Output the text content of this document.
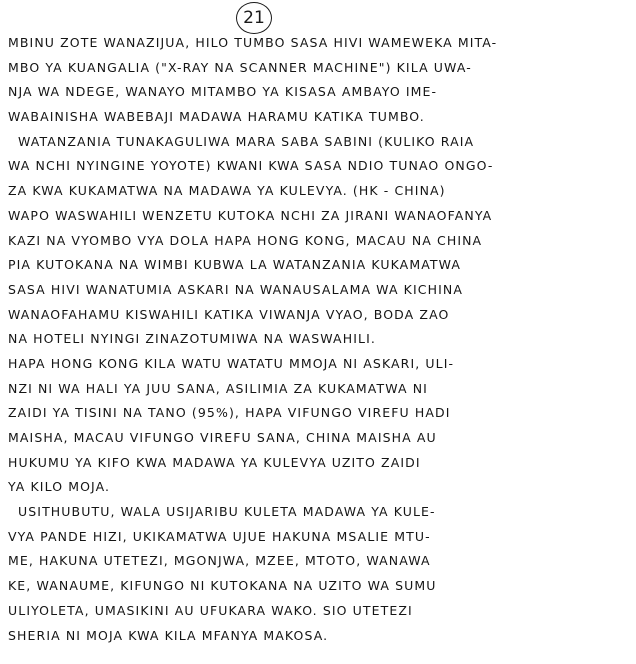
21
MBINU ZOTE WANAZIJUA, HILO TUMBO SASA HIVI WAMEWEKA MITA-
MBO YA KUANGALIA ("X-RAY NA SCANNER MACHINE") KILA UWA-
NJA WA NDEGE, WANAYO MITAMBO YA KISASA AMBAYO IME-
WABAINISHA WABEBAJI MADAWA HARAMU KATIKA TUMBO.
WATANZANIA TUNAKAGULIWA MARA SABA SABINI (KULIKO RAIA
WA NCHI NYINGINE YOYOTE) KWANI KWA SASA NDIO TUNAO ONGO-
ZA KWA KUKAMATWA NA MADAWA YA KULEVYA. (HK - CHINA)
WAPO WASWAHILI WENZETU KUTOKA NCHI ZA JIRANI WANAOFANYA
KAZI NA VYOMBO VYA DOLA HAPA HONG KONG, MACAU NA CHINA
PIA KUTOKANA NA WIMBI KUBWA LA WATANZANIA KUKAMATWA
SASA HIVI WANATUMIA ASKARI NA WANAUSALAMA WA KICHINA
WANAOFAHAMU KISWAHILI KATIKA VIWANJA VYAO, BODA ZAO
NA HOTELI NYINGI ZINAZOTUMIWA NA WASWAHILI.
HAPA HONG KONG KILA WATU WATATU MMOJA NI ASKARI, ULI-
NZI NI WA HALI YA JUU SANA, ASILIMIA ZA KUKAMATWA NI
ZAIDI YA TISINI NA TANO (95%), HAPA VIFUNGO VIREFU HADI
MAISHA, MACAU VIFUNGO VIREFU SANA, CHINA MAISHA AU
HUKUMU YA KIFO KWA MADAWA YA KULEVYA UZITO ZAIDI
YA KILO MOJA.
USITHUBUTU, WALA USIJARIBU KULETA MADAWA YA KULE-
VYA PANDE HIZI, UKIKAMATWA UJUE HAKUNA MSALIE MTU-
ME, HAKUNA UTETEZI, MGONJWA, MZEE, MTOTO, WANAWA
KE, WANAUME, KIFUNGO NI KUTOKANA NA UZITO WA SUMU
ULIYOLETA, UMASIKINI AU UFUKARA WAKO. SIO UTETEZI
SHERIA NI MOJA KWA KILA MFANYA MAKOSA.
